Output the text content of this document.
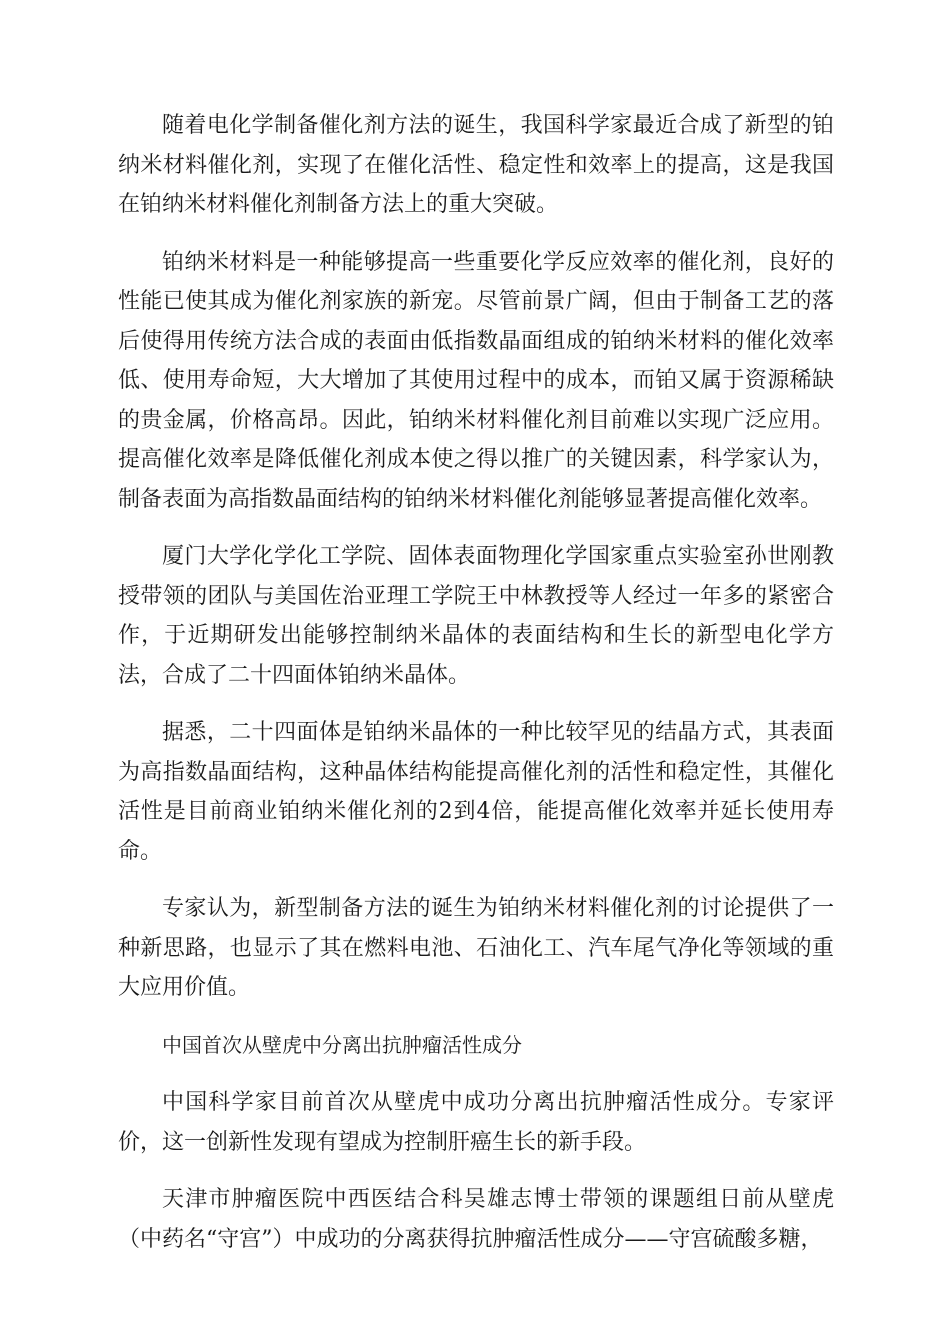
随着电化学制备催化剂方法的诞生，我国科学家最近合成了新型的铂纳米材料催化剂，实现了在催化活性、稳定性和效率上的提高，这是我国在铂纳米材料催化剂制备方法上的重大突破。

铂纳米材料是一种能够提高一些重要化学反应效率的催化剂，良好的性能已使其成为催化剂家族的新宠。尽管前景广阔，但由于制备工艺的落后使得用传统方法合成的表面由低指数晶面组成的铂纳米材料的催化效率低、使用寿命短，大大增加了其使用过程中的成本，而铂又属于资源稀缺的贵金属，价格高昂。因此，铂纳米材料催化剂目前难以实现广泛应用。提高催化效率是降低催化剂成本使之得以推广的关键因素，科学家认为，制备表面为高指数晶面结构的铂纳米材料催化剂能够显著提高催化效率。

厦门大学化学化工学院、固体表面物理化学国家重点实验室孙世刚教授带领的团队与美国佐治亚理工学院王中林教授等人经过一年多的紧密合作，于近期研发出能够控制纳米晶体的表面结构和生长的新型电化学方法，合成了二十四面体铂纳米晶体。

据悉，二十四面体是铂纳米晶体的一种比较罕见的结晶方式，其表面为高指数晶面结构，这种晶体结构能提高催化剂的活性和稳定性，其催化活性是目前商业铂纳米催化剂的2到4倍，能提高催化效率并延长使用寿命。

专家认为，新型制备方法的诞生为铂纳米材料催化剂的讨论提供了一种新思路，也显示了其在燃料电池、石油化工、汽车尾气净化等领域的重大应用价值。

中国首次从壁虎中分离出抗肿瘤活性成分

中国科学家目前首次从壁虎中成功分离出抗肿瘤活性成分。专家评价，这一创新性发现有望成为控制肝癌生长的新手段。

天津市肿瘤医院中西医结合科吴雄志博士带领的课题组日前从壁虎（中药名“守宫”）中成功的分离获得抗肿瘤活性成分——守宫硫酸多糖，
